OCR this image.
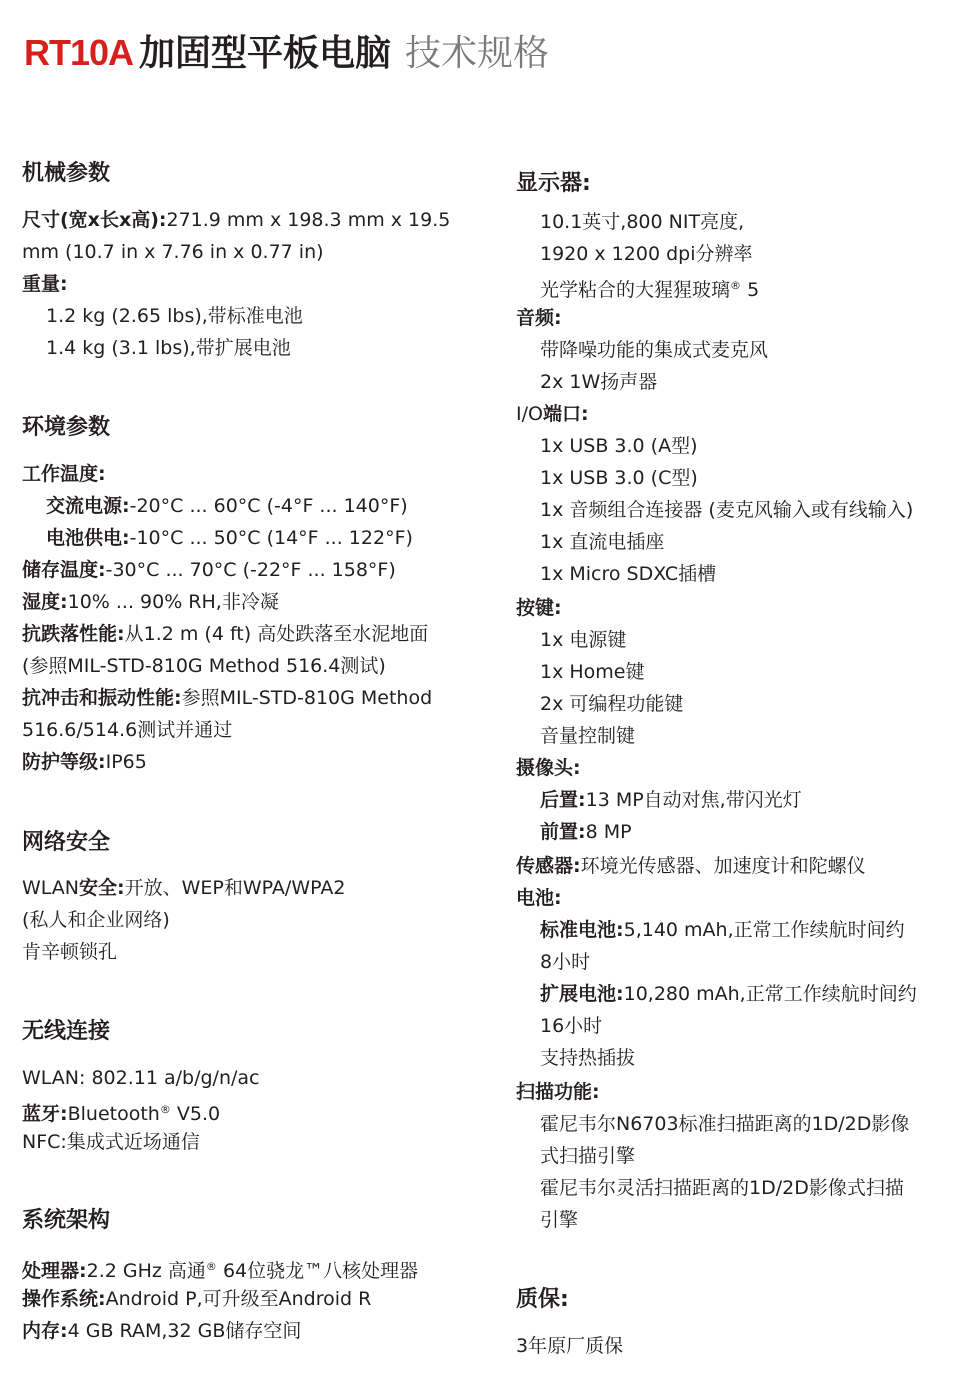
RT10A 加固型平板电脑 技术规格
机械参数
尺寸(宽x长x高):271.9 mm x 198.3 mm x 19.5
mm (10.7 in x 7.76 in x 0.77 in)
重量:
1.2 kg (2.65 lbs),带标准电池
1.4 kg (3.1 lbs),带扩展电池
环境参数
工作温度:
交流电源:-20°C ... 60°C (-4°F ... 140°F)
电池供电:-10°C ... 50°C (14°F ... 122°F)
储存温度:-30°C ... 70°C (-22°F ... 158°F)
湿度:10% ... 90% RH,非冷凝
抗跌落性能:从1.2 m (4 ft) 高处跌落至水泥地面
(参照MIL-STD-810G Method 516.4测试)
抗冲击和振动性能:参照MIL-STD-810G Method
516.6/514.6测试并通过
防护等级:IP65
网络安全
WLAN安全:开放、WEP和WPA/WPA2
(私人和企业网络)
肯辛顿锁孔
无线连接
WLAN: 802.11 a/b/g/n/ac
蓝牙:Bluetooth® V5.0
NFC:集成式近场通信
系统架构
处理器:2.2 GHz 高通® 64位骁龙™八核处理器
操作系统:Android P,可升级至Android R
内存:4 GB RAM,32 GB储存空间
显示器:
10.1英寸,800 NIT亮度,
1920 x 1200 dpi分辨率
光学粘合的大猩猩玻璃® 5
音频:
带降噪功能的集成式麦克风
2x 1W扬声器
I/O端口:
1x USB 3.0 (A型)
1x USB 3.0 (C型)
1x 音频组合连接器 (麦克风输入或有线输入)
1x 直流电插座
1x Micro SDXC插槽
按键:
1x 电源键
1x Home键
2x 可编程功能键
音量控制键
摄像头:
后置:13 MP自动对焦,带闪光灯
前置:8 MP
传感器:环境光传感器、加速度计和陀螺仪
电池:
标准电池:5,140 mAh,正常工作续航时间约
8小时
扩展电池:10,280 mAh,正常工作续航时间约
16小时
支持热插拔
扫描功能:
霍尼韦尔N6703标准扫描距离的1D/2D影像
式扫描引擎
霍尼韦尔灵活扫描距离的1D/2D影像式扫描
引擎
质保:
3年原厂质保
